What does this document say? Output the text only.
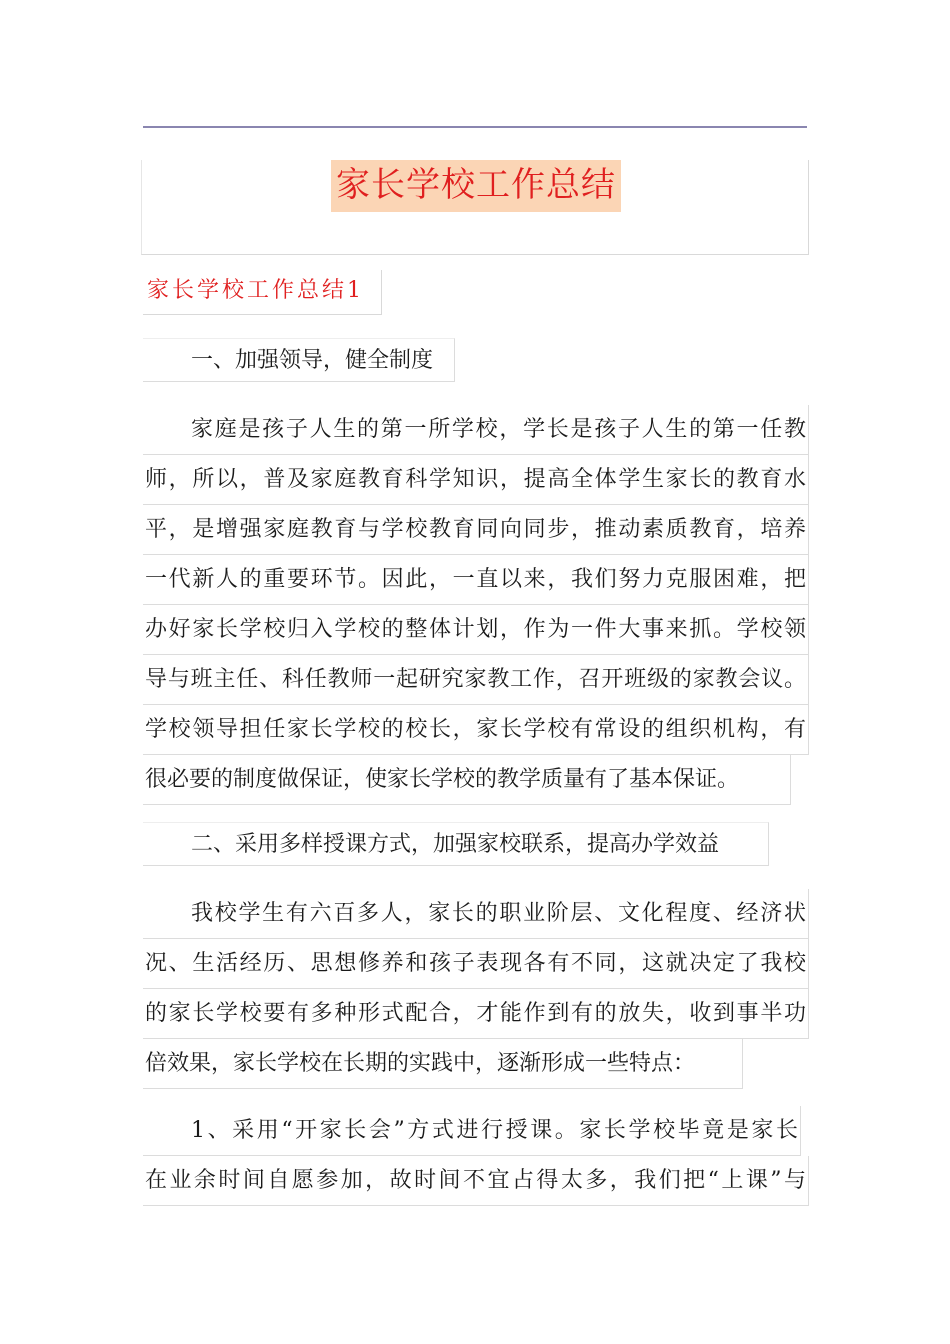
家长学校工作总结
家长学校工作总结1
一、加强领导，健全制度
家庭是孩子人生的第一所学校，学长是孩子人生的第一任教
师，所以，普及家庭教育科学知识，提高全体学生家长的教育水
平，是增强家庭教育与学校教育同向同步，推动素质教育，培养
一代新人的重要环节。因此，一直以来，我们努力克服困难，把
办好家长学校归入学校的整体计划，作为一件大事来抓。学校领
导与班主任、科任教师一起研究家教工作，召开班级的家教会议。
学校领导担任家长学校的校长，家长学校有常设的组织机构，有
很必要的制度做保证，使家长学校的教学质量有了基本保证。
二、采用多样授课方式，加强家校联系，提高办学效益
我校学生有六百多人，家长的职业阶层、文化程度、经济状
况、生活经历、思想修养和孩子表现各有不同，这就决定了我校
的家长学校要有多种形式配合，才能作到有的放失，收到事半功
倍效果，家长学校在长期的实践中，逐渐形成一些特点：
1、采用“开家长会”方式进行授课。家长学校毕竟是家长
在业余时间自愿参加，故时间不宜占得太多，我们把“上课”与
